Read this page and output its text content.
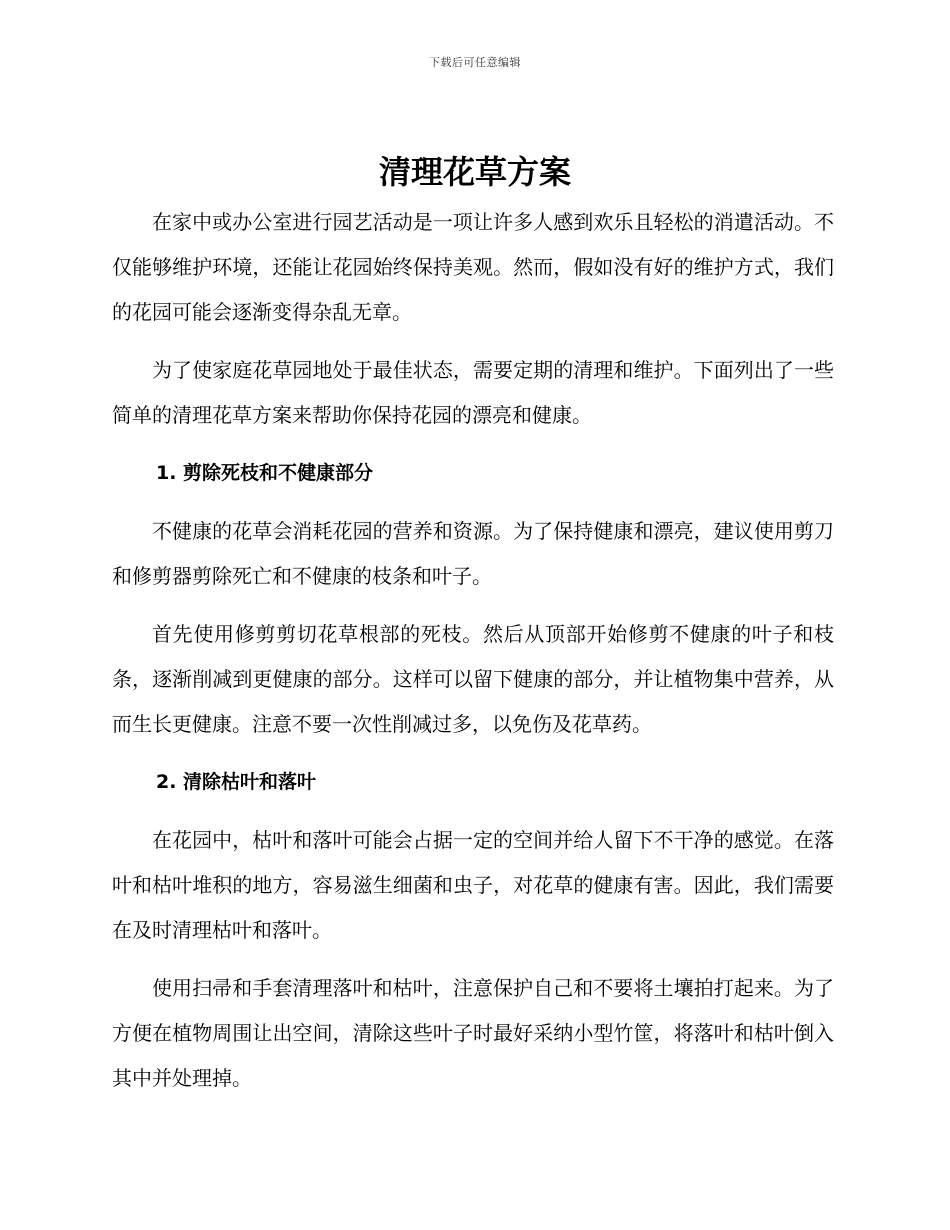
下载后可任意编辑
清理花草方案

在家中或办公室进行园艺活动是一项让许多人感到欢乐且轻松的消遣活动。不仅能够维护环境，还能让花园始终保持美观。然而，假如没有好的维护方式，我们的花园可能会逐渐变得杂乱无章。

为了使家庭花草园地处于最佳状态，需要定期的清理和维护。下面列出了一些简单的清理花草方案来帮助你保持花园的漂亮和健康。

1. 剪除死枝和不健康部分

不健康的花草会消耗花园的营养和资源。为了保持健康和漂亮，建议使用剪刀和修剪器剪除死亡和不健康的枝条和叶子。

首先使用修剪剪切花草根部的死枝。然后从顶部开始修剪不健康的叶子和枝条，逐渐削减到更健康的部分。这样可以留下健康的部分，并让植物集中营养，从而生长更健康。注意不要一次性削减过多，以免伤及花草药。

2. 清除枯叶和落叶

在花园中，枯叶和落叶可能会占据一定的空间并给人留下不干净的感觉。在落叶和枯叶堆积的地方，容易滋生细菌和虫子，对花草的健康有害。因此，我们需要在及时清理枯叶和落叶。

使用扫帚和手套清理落叶和枯叶，注意保护自己和不要将土壤拍打起来。为了方便在植物周围让出空间，清除这些叶子时最好采纳小型竹筐，将落叶和枯叶倒入其中并处理掉。
